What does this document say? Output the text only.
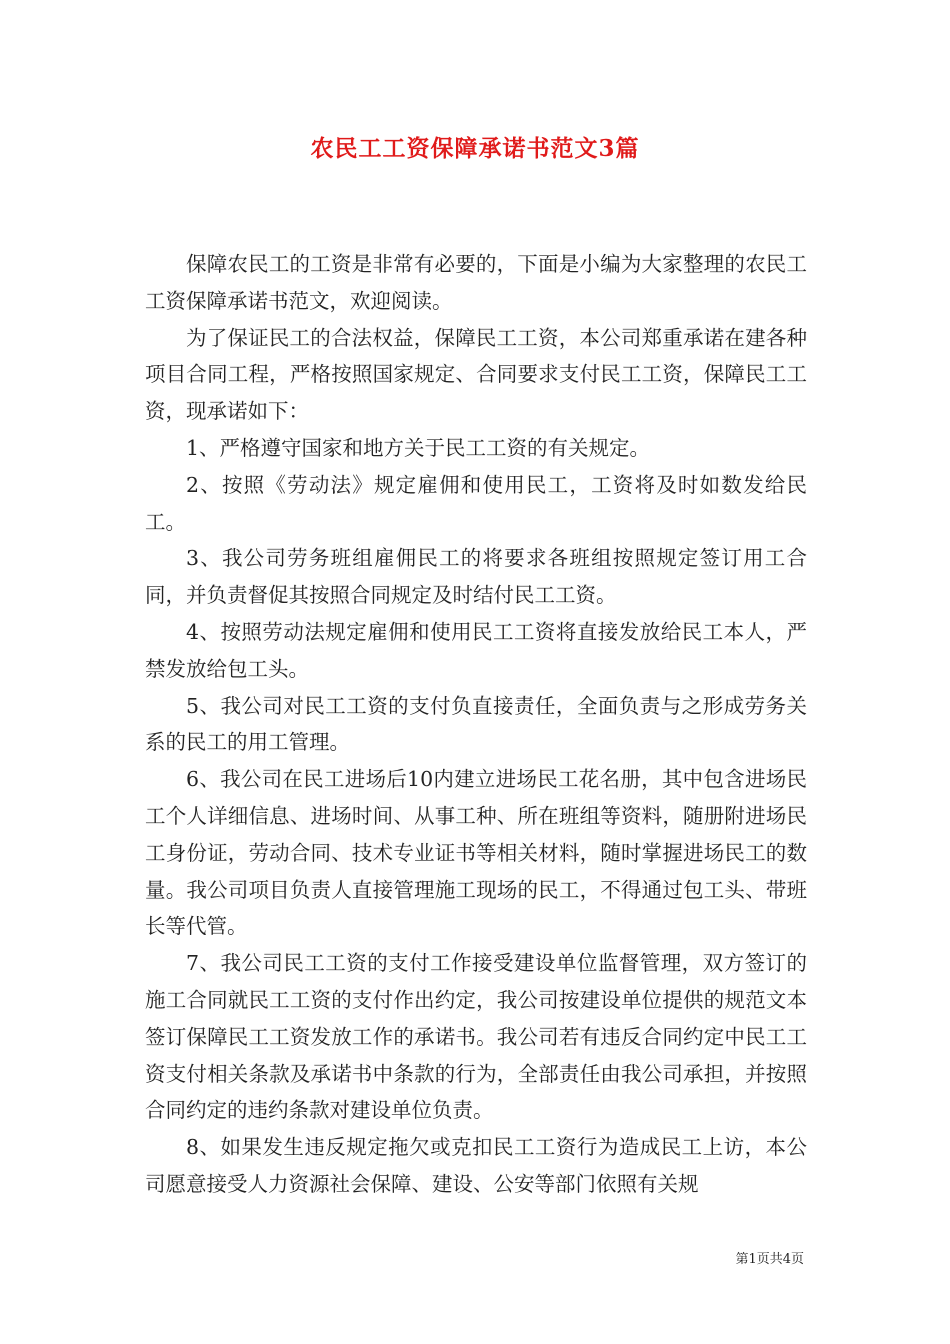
农民工工资保障承诺书范文3篇

保障农民工的工资是非常有必要的，下面是小编为大家整理的农民工工资保障承诺书范文，欢迎阅读。

为了保证民工的合法权益，保障民工工资，本公司郑重承诺在建各种项目合同工程，严格按照国家规定、合同要求支付民工工资，保障民工工资，现承诺如下：

1、严格遵守国家和地方关于民工工资的有关规定。

2、按照《劳动法》规定雇佣和使用民工，工资将及时如数发给民工。

3、我公司劳务班组雇佣民工的将要求各班组按照规定签订用工合同，并负责督促其按照合同规定及时结付民工工资。

4、按照劳动法规定雇佣和使用民工工资将直接发放给民工本人，严禁发放给包工头。

5、我公司对民工工资的支付负直接责任，全面负责与之形成劳务关系的民工的用工管理。

6、我公司在民工进场后10内建立进场民工花名册，其中包含进场民工个人详细信息、进场时间、从事工种、所在班组等资料，随册附进场民工身份证，劳动合同、技术专业证书等相关材料，随时掌握进场民工的数量。我公司项目负责人直接管理施工现场的民工，不得通过包工头、带班长等代管。

7、我公司民工工资的支付工作接受建设单位监督管理，双方签订的施工合同就民工工资的支付作出约定，我公司按建设单位提供的规范文本签订保障民工工资发放工作的承诺书。我公司若有违反合同约定中民工工资支付相关条款及承诺书中条款的行为，全部责任由我公司承担，并按照合同约定的违约条款对建设单位负责。

8、如果发生违反规定拖欠或克扣民工工资行为造成民工上访，本公司愿意接受人力资源社会保障、建设、公安等部门依照有关规

第1页共4页
